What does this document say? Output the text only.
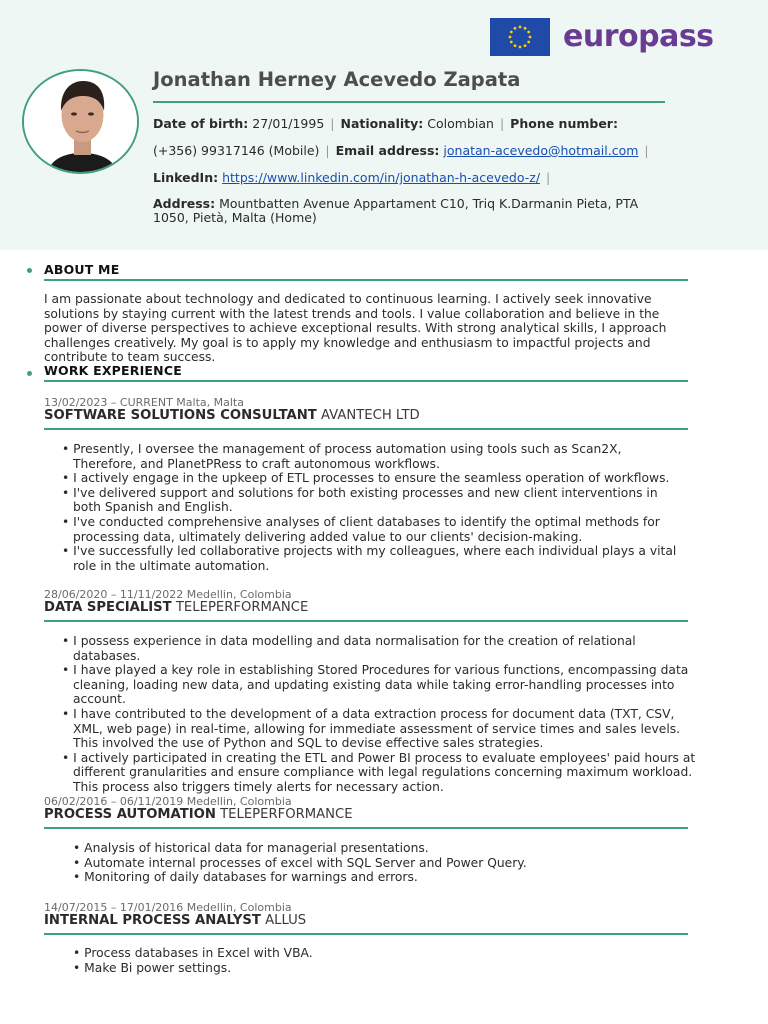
europass
Jonathan Herney Acevedo Zapata
Date of birth: 27/01/1995 | Nationality: Colombian | Phone number:
(+356) 99317146 (Mobile) | Email address: jonatan-acevedo@hotmail.com |
LinkedIn: https://www.linkedin.com/in/jonathan-h-acevedo-z/ |
Address: Mountbatten Avenue Appartament C10, Triq K.Darmanin Pieta, PTA
1050, Pietà, Malta (Home)
ABOUT ME
I am passionate about technology and dedicated to continuous learning. I actively seek innovative solutions by staying current with the latest trends and tools. I value collaboration and believe in the power of diverse perspectives to achieve exceptional results. With strong analytical skills, I approach challenges creatively. My goal is to apply my knowledge and enthusiasm to impactful projects and contribute to team success.
WORK EXPERIENCE
13/02/2023 – CURRENT Malta, Malta
SOFTWARE SOLUTIONS CONSULTANT AVANTECH LTD
• Presently, I oversee the management of process automation using tools such as Scan2X, Therefore, and PlanetPRess to craft autonomous workflows.
• I actively engage in the upkeep of ETL processes to ensure the seamless operation of workflows.
• I've delivered support and solutions for both existing processes and new client interventions in both Spanish and English.
• I've conducted comprehensive analyses of client databases to identify the optimal methods for processing data, ultimately delivering added value to our clients' decision-making.
• I've successfully led collaborative projects with my colleagues, where each individual plays a vital role in the ultimate automation.
28/06/2020 – 11/11/2022 Medellin, Colombia
DATA SPECIALIST TELEPERFORMANCE
• I possess experience in data modelling and data normalisation for the creation of relational databases.
• I have played a key role in establishing Stored Procedures for various functions, encompassing data cleaning, loading new data, and updating existing data while taking error-handling processes into account.
• I have contributed to the development of a data extraction process for document data (TXT, CSV, XML, web page) in real-time, allowing for immediate assessment of service times and sales levels. This involved the use of Python and SQL to devise effective sales strategies.
• I actively participated in creating the ETL and Power BI process to evaluate employees' paid hours at different granularities and ensure compliance with legal regulations concerning maximum workload. This process also triggers timely alerts for necessary action.
06/02/2016 – 06/11/2019 Medellin, Colombia
PROCESS AUTOMATION TELEPERFORMANCE
• Analysis of historical data for managerial presentations.
• Automate internal processes of excel with SQL Server and Power Query.
• Monitoring of daily databases for warnings and errors.
14/07/2015 – 17/01/2016 Medellin, Colombia
INTERNAL PROCESS ANALYST ALLUS
• Process databases in Excel with VBA.
• Make Bi power settings.
